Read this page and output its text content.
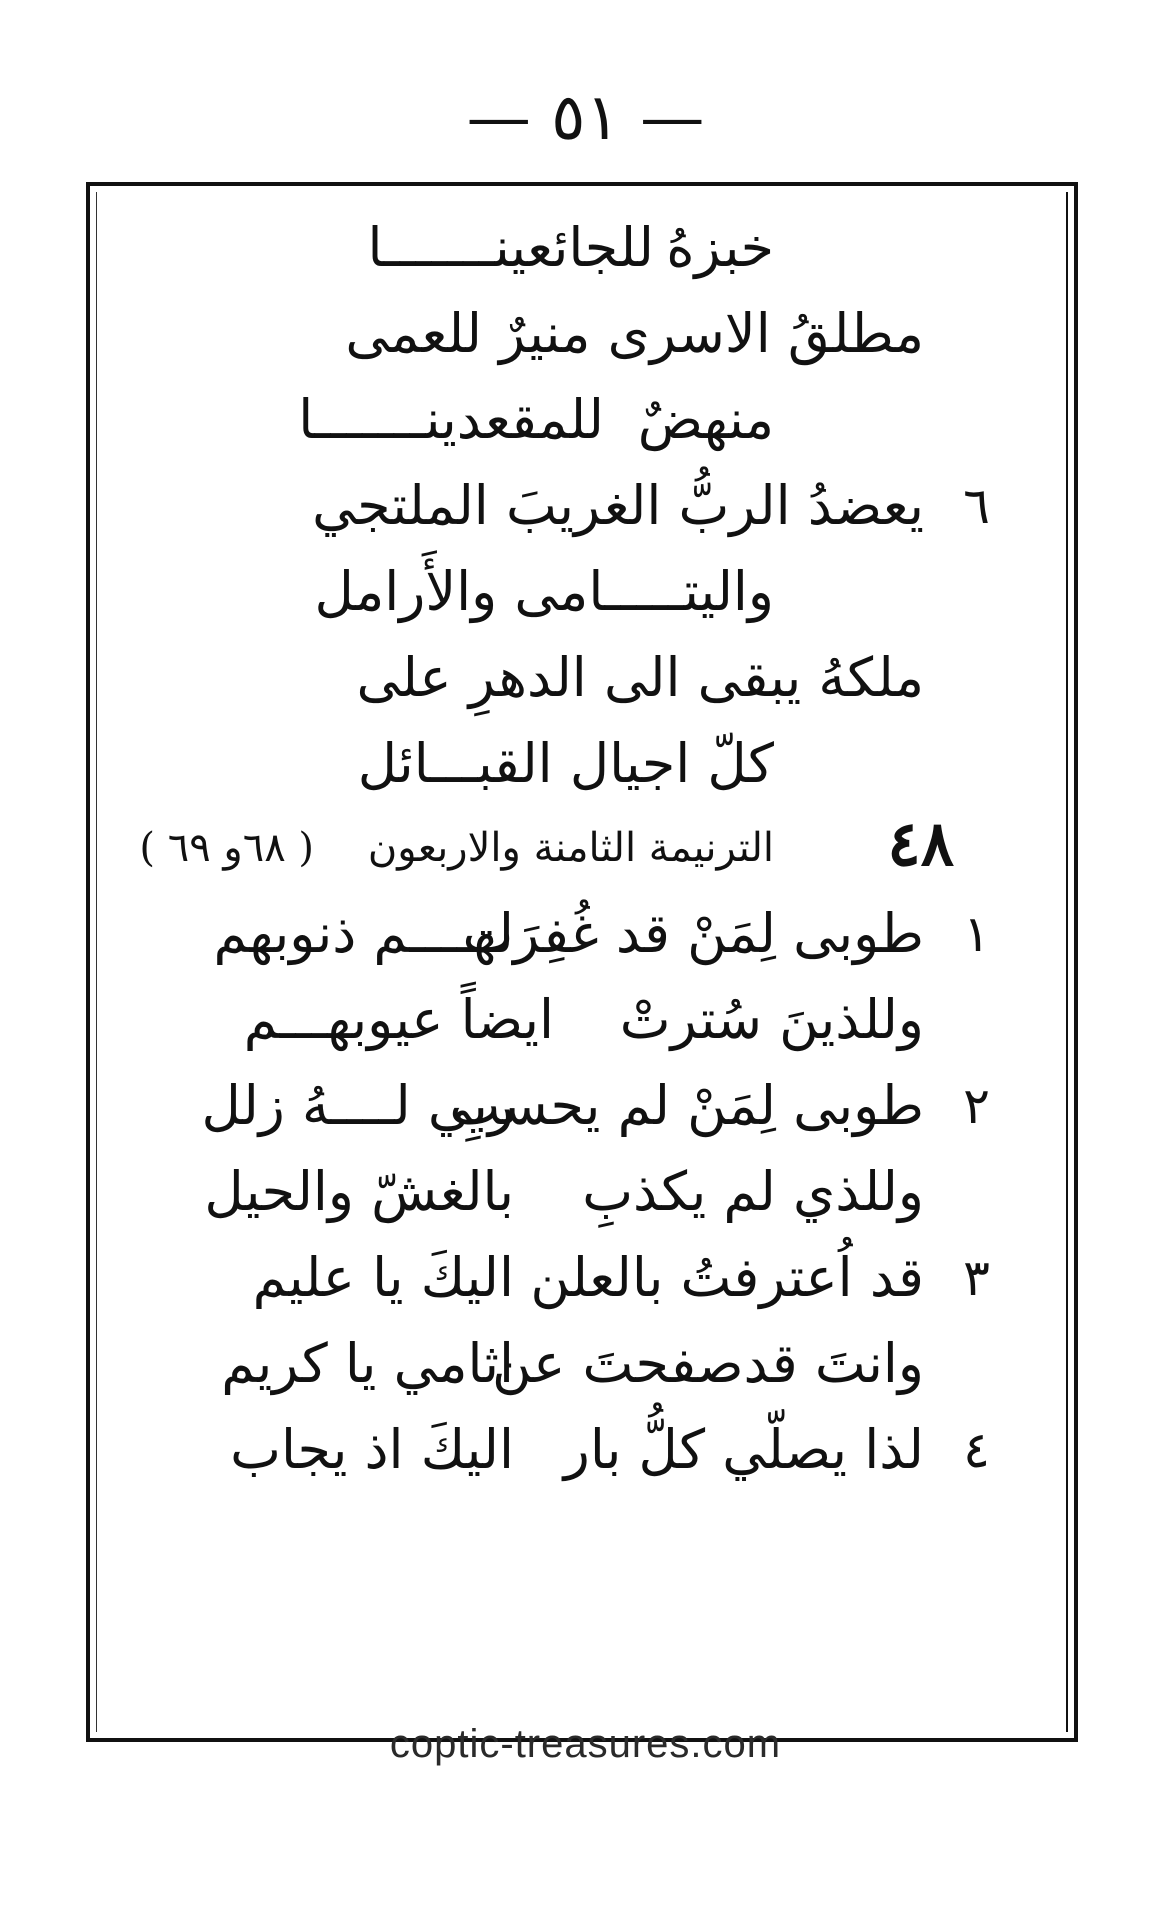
— ٥١ —
خبزهُ
للجائعينـــــــا
مطلقُ الاسرى منيرٌ للعمى
منهضٌ
للمقعدينـــــــا
٦
يعضدُ الربُّ الغريبَ الملتجي
واليتـــــامى والأَرامل
ملكهُ يبقى الى الدهرِ على
كلّ اجيال القبـــائل
٤٨
الترنيمة الثامنة والاربعون
( ٦٨و ٦٩ )
١
طوبى لِمَنْ قد غُفِرَت
لهــــم ذنوبهم
وللذينَ سُترتْ
ايضاً عيوبهـــم
٢
طوبى لِمَنْ لم يحسبِ
ربي لــــهُ زلل
وللذي لم يكذبِ
بالغشّ والحيل
٣
قد اُعترفتُ بالعلن
اليكَ يا عليم
وانتَ قدصفحتَ عن
اثامي يا كريم
٤
لذا يصلّي كلُّ بار
اليكَ اذ يجاب
coptic-treasures.com
